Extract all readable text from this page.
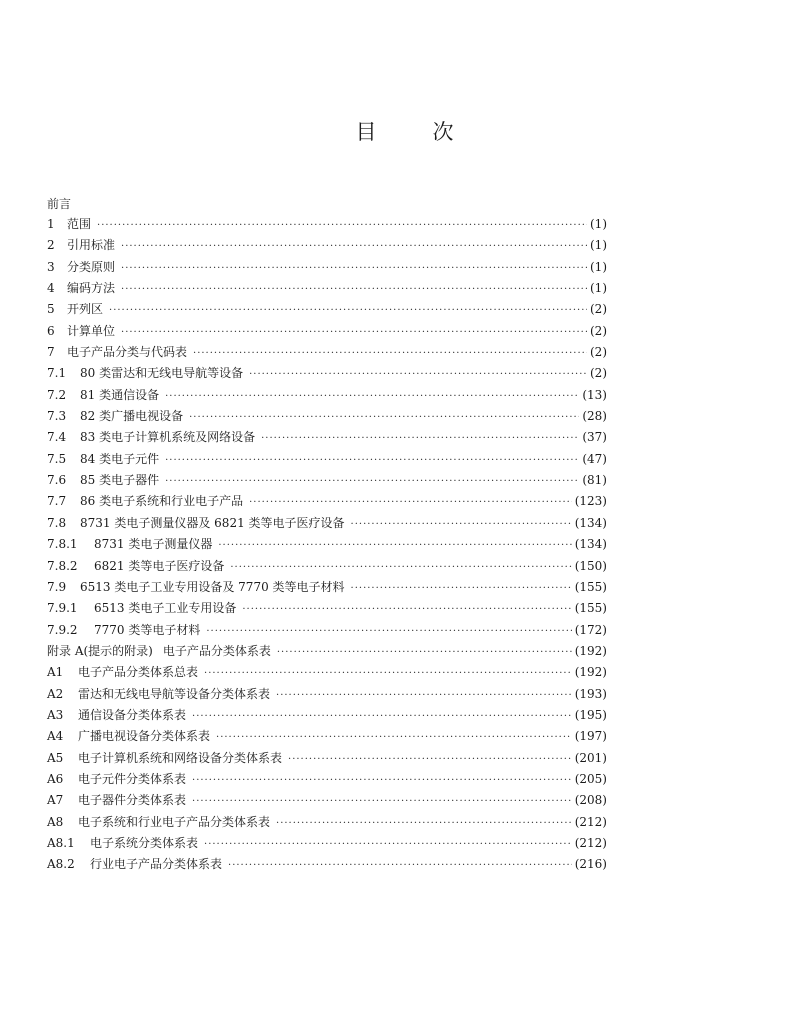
目	次
前言
1	范围 ·····	(1)
2	引用标准 ·····	(1)
3	分类原则 ·····	(1)
4	编码方法 ·····	(1)
5	开列区 ·····	(2)
6	计算单位 ·····	(2)
7	电子产品分类与代码表 ·····	(2)
7.1	80 类雷达和无线电导航等设备 ·····	(2)
7.2	81 类通信设备 ·····	(13)
7.3	82 类广播电视设备 ·····	(28)
7.4	83 类电子计算机系统及网络设备 ·····	(37)
7.5	84 类电子元件 ·····	(47)
7.6	85 类电子器件 ·····	(81)
7.7	86 类电子系统和行业电子产品 ·····	(123)
7.8	8731 类电子测量仪器及 6821 类等电子医疗设备 ·····	(134)
7.8.1	8731 类电子测量仪器 ·····	(134)
7.8.2	6821 类等电子医疗设备 ·····	(150)
7.9	6513 类电子工业专用设备及 7770 类等电子材料 ·····	(155)
7.9.1	6513 类电子工业专用设备 ·····	(155)
7.9.2	7770 类等电子材料 ·····	(172)
附录 A(提示的附录) 电子产品分类体系表 ·····	(192)
A1	电子产品分类体系总表 ·····	(192)
A2	雷达和无线电导航等设备分类体系表 ·····	(193)
A3	通信设备分类体系表 ·····	(195)
A4	广播电视设备分类体系表 ·····	(197)
A5	电子计算机系统和网络设备分类体系表 ·····	(201)
A6	电子元件分类体系表 ·····	(205)
A7	电子器件分类体系表 ·····	(208)
A8	电子系统和行业电子产品分类体系表 ·····	(212)
A8.1	电子系统分类体系表 ·····	(212)
A8.2	行业电子产品分类体系表 ·····	(216)
